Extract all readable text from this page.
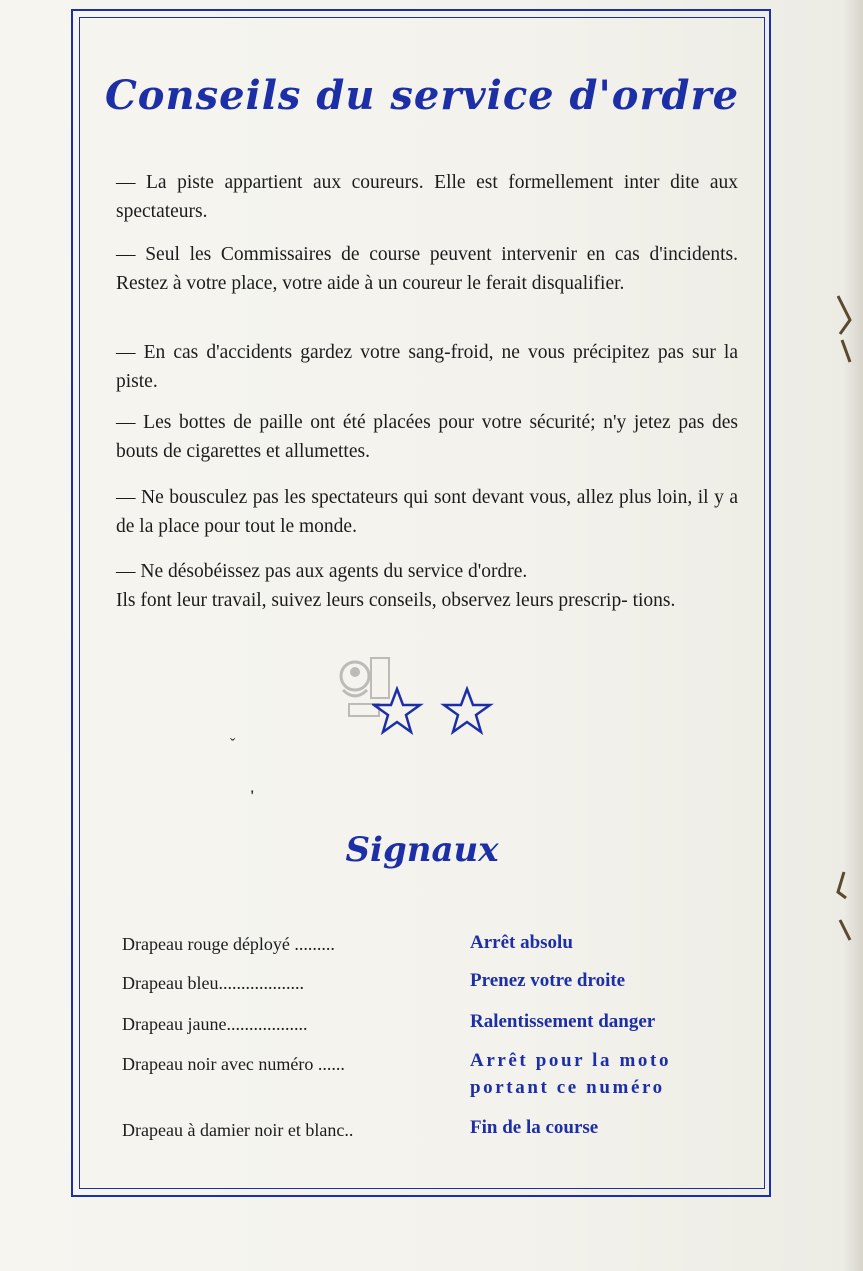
Conseils du service d'ordre

— La piste appartient aux coureurs. Elle est formellement inter dite aux spectateurs.

— Seul les Commissaires de course peuvent intervenir en cas d'incidents. Restez à votre place, votre aide à un coureur le ferait disqualifier.

— En cas d'accidents gardez votre sang-froid, ne vous précipitez pas sur la piste.

— Les bottes de paille ont été placées pour votre sécurité; n'y jetez pas des bouts de cigarettes et allumettes.

— Ne bousculez pas les spectateurs qui sont devant vous, allez plus loin, il y a de la place pour tout le monde.

— Ne désobéissez pas aux agents du service d'ordre.

Ils font leur travail, suivez leurs conseils, observez leurs prescrip- tions.

ˇ
'
Signaux
Drapeau rouge déployé .........	Arrêt absolu
Drapeau bleu...................	Prenez votre droite
Drapeau jaune..................	Ralentissement danger
Drapeau noir avec numéro ......	Arrêt pour la moto
portant ce numéro
Drapeau à damier noir et blanc..	Fin de la course
